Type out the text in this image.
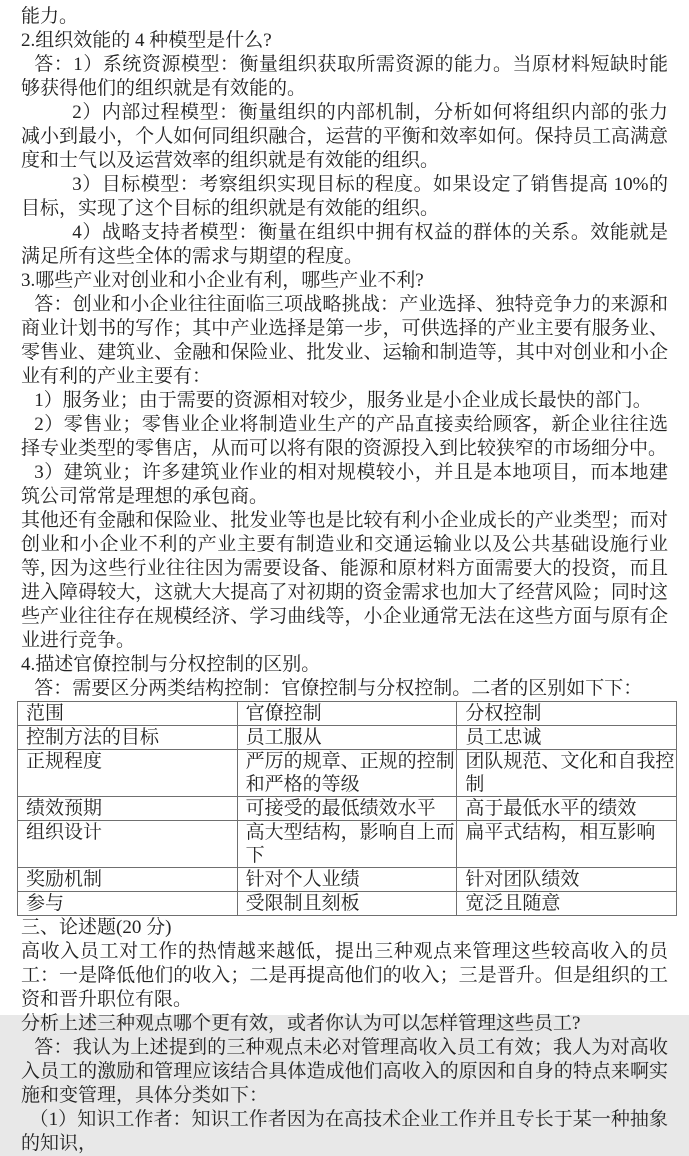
能力。

2.组织效能的 4 种模型是什么?

答：1）系统资源模型：衡量组织获取所需资源的能力。当原材料短缺时能够获得他们的组织就是有效能的。

2）内部过程模型：衡量组织的内部机制，分析如何将组织内部的张力减小到最小，个人如何同组织融合，运营的平衡和效率如何。保持员工高满意度和士气以及运营效率的组织就是有效能的组织。

3）目标模型：考察组织实现目标的程度。如果设定了销售提高 10%的目标，实现了这个目标的组织就是有效能的组织。

4）战略支持者模型：衡量在组织中拥有权益的群体的关系。效能就是满足所有这些全体的需求与期望的程度。

3.哪些产业对创业和小企业有利，哪些产业不利?

答：创业和小企业往往面临三项战略挑战：产业选择、独特竞争力的来源和商业计划书的写作；其中产业选择是第一步，可供选择的产业主要有服务业、零售业、建筑业、金融和保险业、批发业、运输和制造等，其中对创业和小企业有利的产业主要有：

1）服务业；由于需要的资源相对较少，服务业是小企业成长最快的部门。

2）零售业；零售业企业将制造业生产的产品直接卖给顾客，新企业往往选择专业类型的零售店，从而可以将有限的资源投入到比较狭窄的市场细分中。

3）建筑业；许多建筑业作业的相对规模较小，并且是本地项目，而本地建筑公司常常是理想的承包商。

其他还有金融和保险业、批发业等也是比较有利小企业成长的产业类型；而对创业和小企业不利的产业主要有制造业和交通运输业以及公共基础设施行业等, 因为这些行业往往因为需要设备、能源和原材料方面需要大的投资，而且进入障碍较大，这就大大提高了对初期的资金需求也加大了经营风险；同时这些产业往往存在规模经济、学习曲线等，小企业通常无法在这些方面与原有企业进行竞争。

4.描述官僚控制与分权控制的区别。

答：需要区分两类结构控制：官僚控制与分权控制。二者的区别如下下：

范围	官僚控制	分权控制
控制方法的目标	员工服从	员工忠诚
正规程度	严厉的规章、正规的控制和严格的等级	团队规范、文化和自我控制
绩效预期	可接受的最低绩效水平	高于最低水平的绩效
组织设计	高大型结构，影响自上而下	扁平式结构，相互影响
奖励机制	针对个人业绩	针对团队绩效
参与	受限制且刻板	宽泛且随意

三、论述题(20 分)

高收入员工对工作的热情越来越低，提出三种观点来管理这些较高收入的员工：一是降低他们的收入；二是再提高他们的收入；三是晋升。但是组织的工资和晋升职位有限。

分析上述三种观点哪个更有效，或者你认为可以怎样管理这些员工?

答：我认为上述提到的三种观点未必对管理高收入员工有效；我人为对高收入员工的激励和管理应该结合具体造成他们高收入的原因和自身的特点来啊实施和变管理，具体分类如下：

（1）知识工作者：知识工作者因为在高技术企业工作并且专长于某一种抽象的知识，
